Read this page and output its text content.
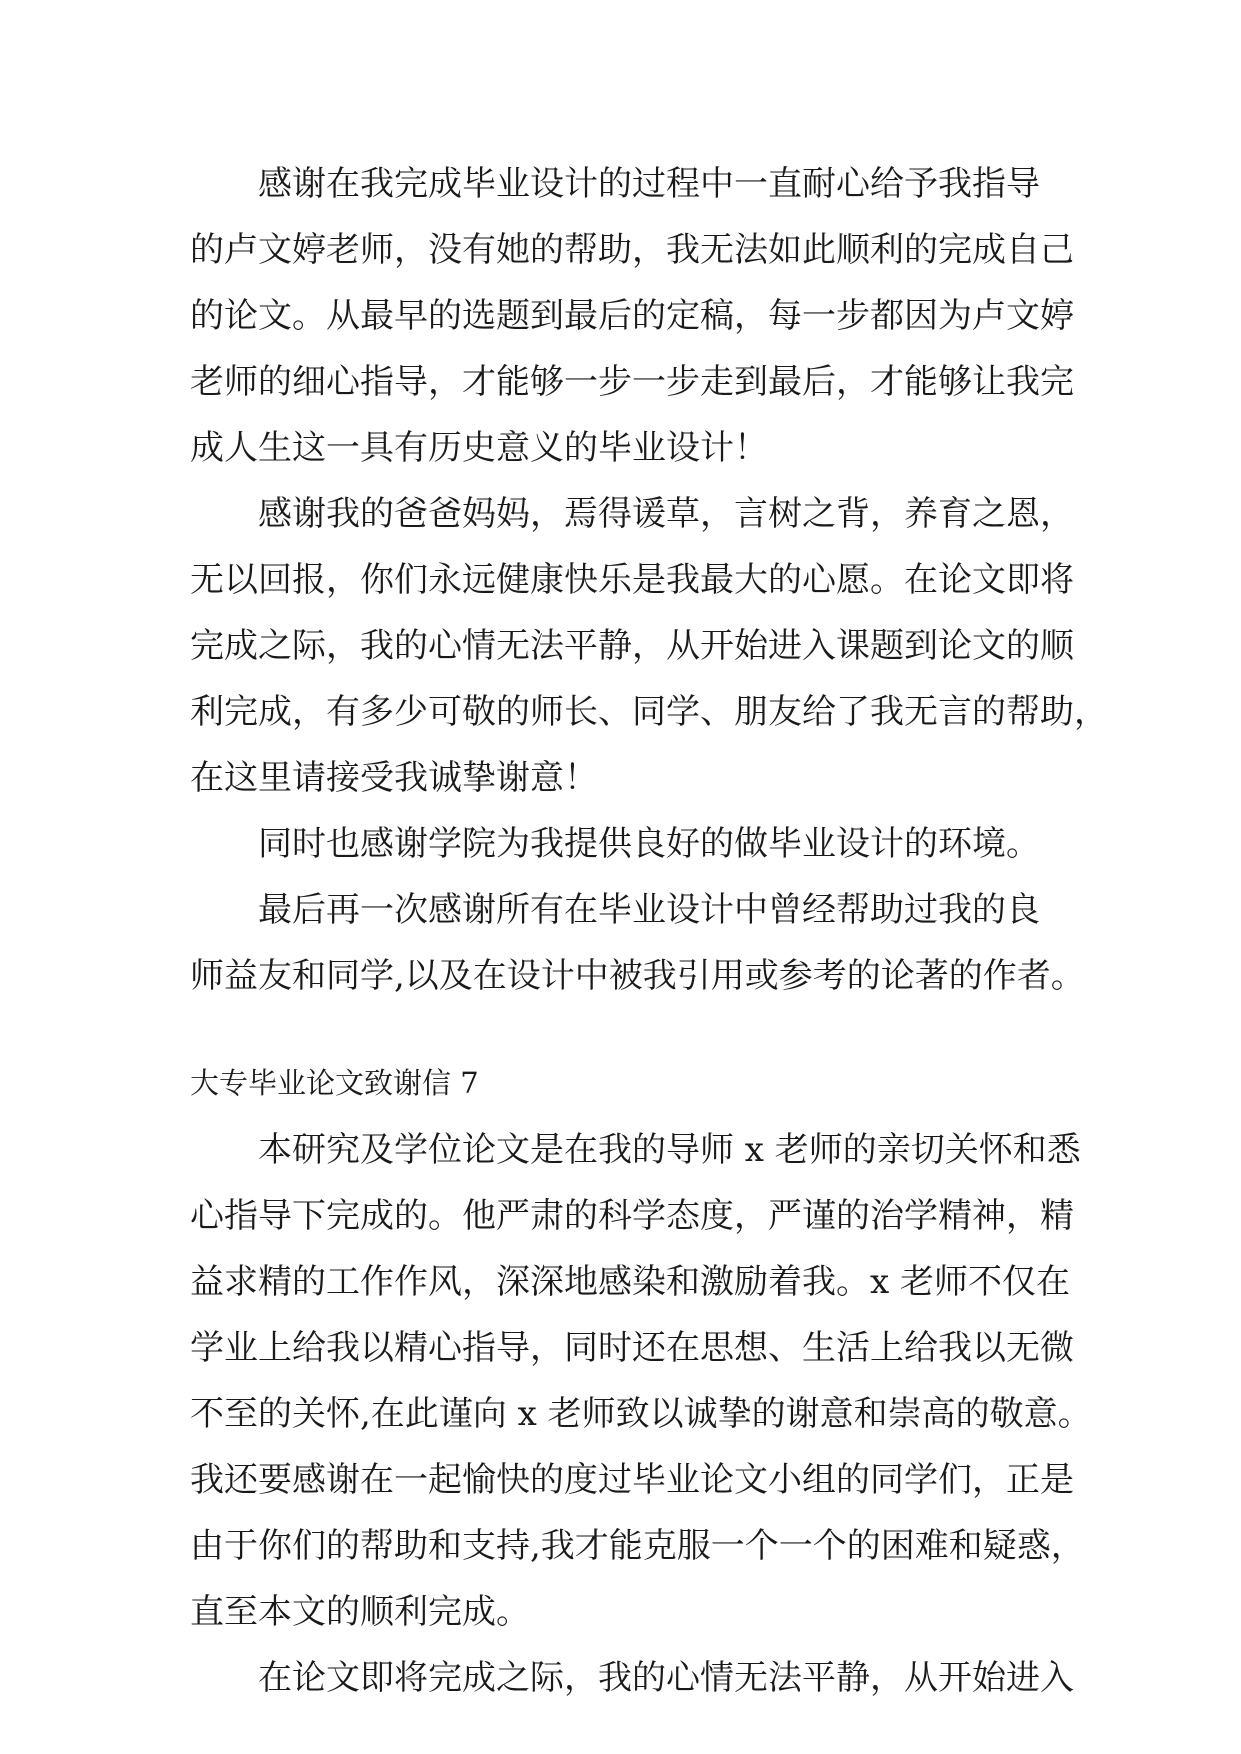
感谢在我完成毕业设计的过程中一直耐心给予我指导

的卢文婷老师，没有她的帮助，我无法如此顺利的完成自己

的论文。从最早的选题到最后的定稿，每一步都因为卢文婷

老师的细心指导，才能够一步一步走到最后，才能够让我完

成人生这一具有历史意义的毕业设计！

感谢我的爸爸妈妈，焉得谖草，言树之背，养育之恩，

无以回报，你们永远健康快乐是我最大的心愿。在论文即将

完成之际，我的心情无法平静，从开始进入课题到论文的顺

利完成，有多少可敬的师长、同学、朋友给了我无言的帮助，

在这里请接受我诚挚谢意！

同时也感谢学院为我提供良好的做毕业设计的环境。

最后再一次感谢所有在毕业设计中曾经帮助过我的良

师益友和同学,以及在设计中被我引用或参考的论著的作者。

大专毕业论文致谢信 7

本研究及学位论文是在我的导师 x 老师的亲切关怀和悉

心指导下完成的。他严肃的科学态度，严谨的治学精神，精

益求精的工作作风，深深地感染和激励着我。x 老师不仅在

学业上给我以精心指导，同时还在思想、生活上给我以无微

不至的关怀,在此谨向 x 老师致以诚挚的谢意和崇高的敬意。

我还要感谢在一起愉快的度过毕业论文小组的同学们，正是

由于你们的帮助和支持,我才能克服一个一个的困难和疑惑，

直至本文的顺利完成。

在论文即将完成之际，我的心情无法平静，从开始进入
